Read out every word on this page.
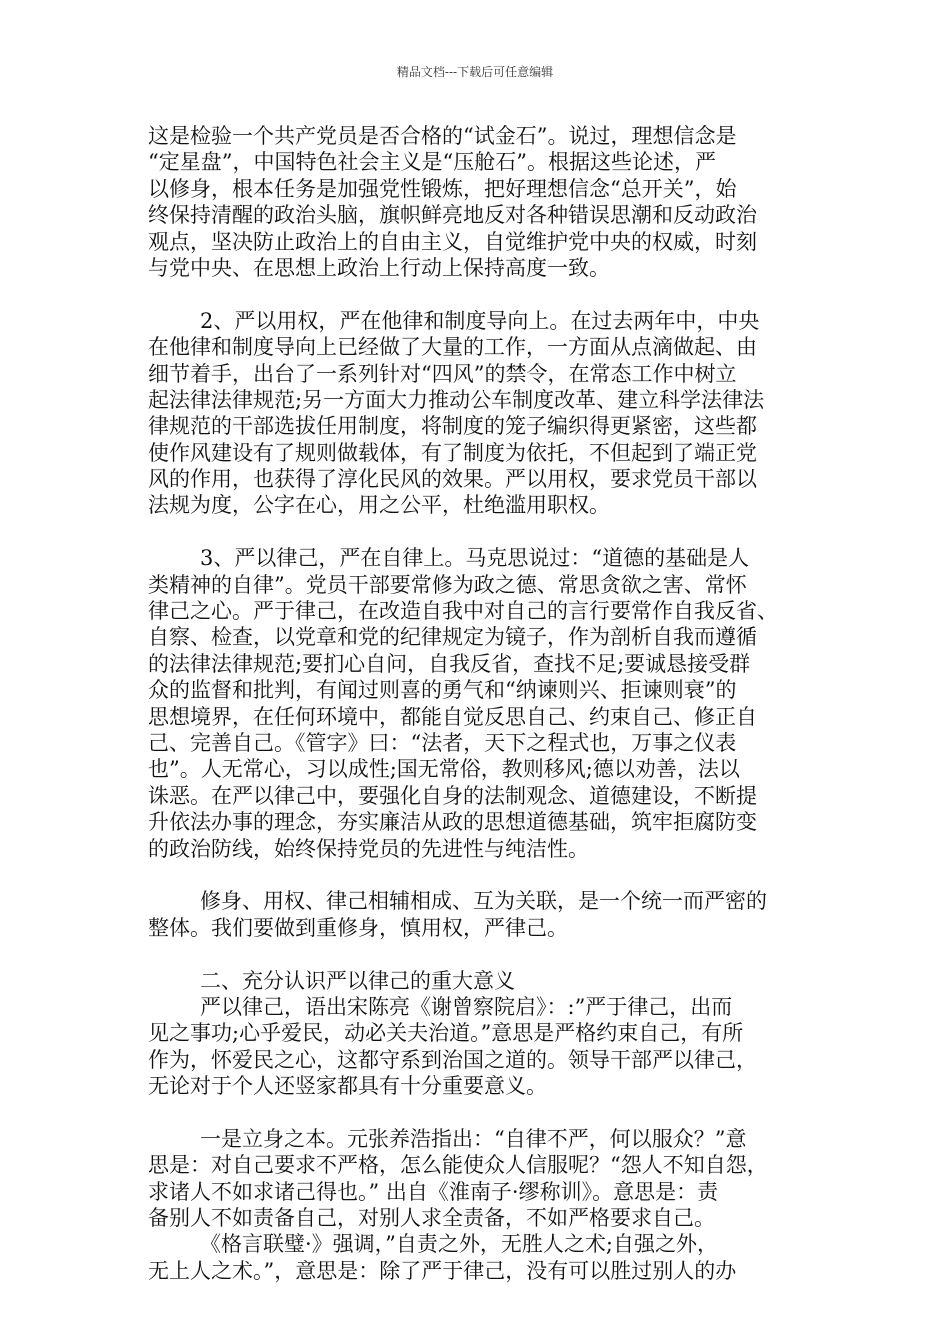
精品文档---下载后可任意编辑
这是检验一个共产党员是否合格的“试金石”。说过，理想信念是
“定星盘”，中国特色社会主义是“压舱石”。根据这些论述，严
以修身，根本任务是加强党性锻炼，把好理想信念“总开关”，始
终保持清醒的政治头脑，旗帜鲜亮地反对各种错误思潮和反动政治
观点，坚决防止政治上的自由主义，自觉维护党中央的权威，时刻
与党中央、在思想上政治上行动上保持高度一致。
2、严以用权，严在他律和制度导向上。在过去两年中，中央
在他律和制度导向上已经做了大量的工作，一方面从点滴做起、由
细节着手，出台了一系列针对“四风”的禁令，在常态工作中树立
起法律法律规范;另一方面大力推动公车制度改革、建立科学法律法
律规范的干部选拔任用制度，将制度的笼子编织得更紧密，这些都
使作风建设有了规则做载体，有了制度为依托，不但起到了端正党
风的作用，也获得了淳化民风的效果。严以用权，要求党员干部以
法规为度，公字在心，用之公平，杜绝滥用职权。
3、严以律己，严在自律上。马克思说过：“道德的基础是人
类精神的自律”。党员干部要常修为政之德、常思贪欲之害、常怀
律己之心。严于律己，在改造自我中对自己的言行要常作自我反省、
自察、检查，以党章和党的纪律规定为镜子，作为剖析自我而遵循
的法律法律规范;要扪心自问，自我反省，查找不足;要诚恳接受群
众的监督和批判，有闻过则喜的勇气和“纳谏则兴、拒谏则衰”的
思想境界，在任何环境中，都能自觉反思自己、约束自己、修正自
己、完善自己。《管字》曰：“法者，天下之程式也，万事之仪表
也”。人无常心，习以成性;国无常俗，教则移风;德以劝善，法以
诛恶。在严以律己中，要强化自身的法制观念、道德建设，不断提
升依法办事的理念，夯实廉洁从政的思想道德基础，筑牢拒腐防变
的政治防线，始终保持党员的先进性与纯洁性。
修身、用权、律己相辅相成、互为关联，是一个统一而严密的
整体。我们要做到重修身，慎用权，严律己。
二、充分认识严以律己的重大意义
严以律己，语出宋陈亮《谢曾察院启》：:”严于律己，出而
见之事功;心乎爱民，动必关夫治道。”意思是严格约束自己，有所
作为，怀爱民之心，这都守系到治国之道的。领导干部严以律己，
无论对于个人还竖家都具有十分重要意义。
一是立身之本。元张养浩指出：“自律不严，何以服众？”意
思是：对自己要求不严格，怎么能使众人信服呢？“怨人不知自怨，
求诸人不如求诸己得也。” 出自《淮南子·缪称训》。意思是：责
备别人不如责备自己，对别人求全责备，不如严格要求自己。
《格言联璧·》强调，”自责之外，无胜人之术;自强之外，
无上人之术。”，意思是：除了严于律己，没有可以胜过别人的办
